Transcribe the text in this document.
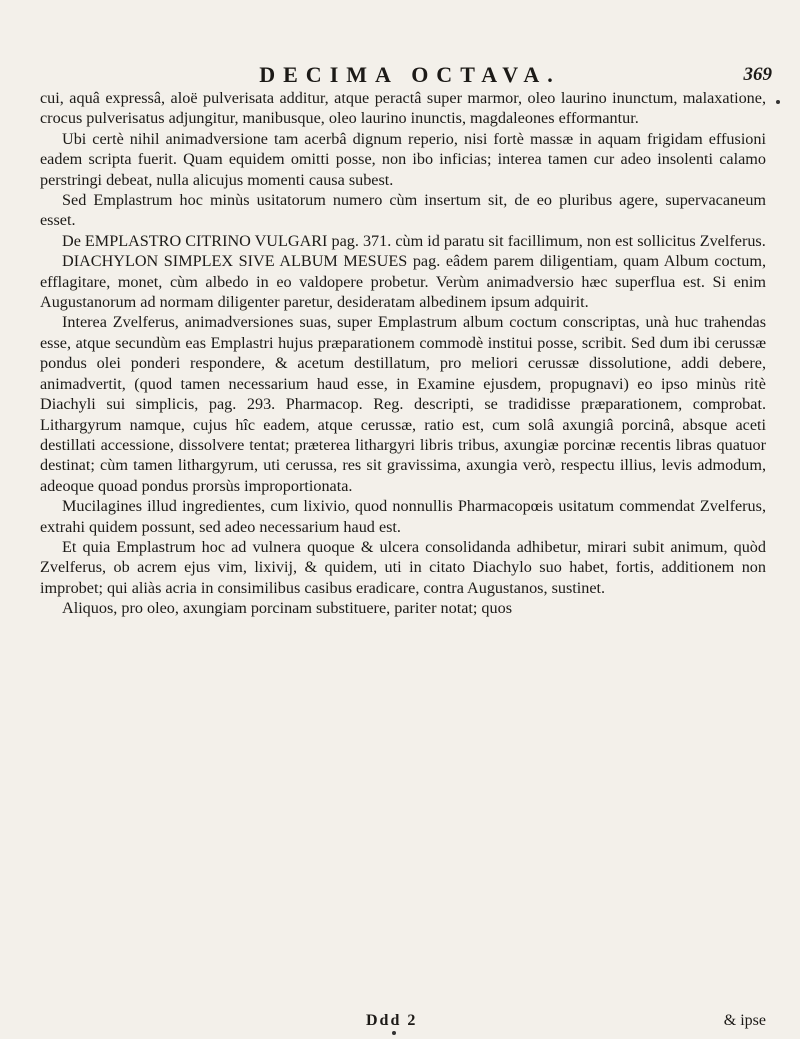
DECIMA OCTAVA.	369

cui, aquâ expressâ, aloë pulverisata additur, atque peractâ super marmor, oleo laurino inunctum, malaxatione, crocus pulverisatus adjungitur, manibusque, oleo laurino inunctis, magdaleones efformantur.

Ubi certè nihil animadversione tam acerbâ dignum reperio, nisi fortè massæ in aquam frigidam effusioni eadem scripta fuerit. Quam equidem omitti posse, non ibo inficias; interea tamen cur adeo insolenti calamo perstringi debeat, nulla alicujus momenti causa subest.

Sed Emplastrum hoc minùs usitatorum numero cùm insertum sit, de eo pluribus agere, supervacaneum esset.

De EMPLASTRO CITRINO VULGARI pag. 371. cùm id paratu sit facillimum, non est sollicitus Zvelferus.

DIACHYLON SIMPLEX SIVE ALBUM MESUES pag. eâdem parem diligentiam, quam Album coctum, efflagitare, monet, cùm albedo in eo valdopere probetur. Verùm animadversio hæc superflua est. Si enim Augustanorum ad normam diligenter paretur, desideratam albedinem ipsum adquirit.

Interea Zvelferus, animadversiones suas, super Emplastrum album coctum conscriptas, unà huc trahendas esse, atque secundùm eas Emplastri hujus præparationem commodè institui posse, scribit. Sed dum ibi cerussæ pondus olei ponderi respondere, & acetum destillatum, pro meliori cerussæ dissolutione, addi debere, animadvertit, (quod tamen necessarium haud esse, in Examine ejusdem, propugnavi) eo ipso minùs ritè Diachyli sui simplicis, pag. 293. Pharmacop. Reg. descripti, se tradidisse præparationem, comprobat. Lithargyrum namque, cujus hîc eadem, atque cerussæ, ratio est, cum solâ axungiâ porcinâ, absque aceti destillati accessione, dissolvere tentat; præterea lithargyri libris tribus, axungiæ porcinæ recentis libras quatuor destinat; cùm tamen lithargyrum, uti cerussa, res sit gravissima, axungia verò, respectu illius, levis admodum, adeoque quoad pondus prorsùs improportionata.

Mucilagines illud ingredientes, cum lixivio, quod nonnullis Pharmacopœis usitatum commendat Zvelferus, extrahi quidem possunt, sed adeo necessarium haud est.

Et quia Emplastrum hoc ad vulnera quoque & ulcera consolidanda adhibetur, mirari subit animum, quòd Zvelferus, ob acrem ejus vim, lixivij, & quidem, uti in citato Diachylo suo habet, fortis, additionem non improbet; qui aliàs acria in consimilibus casibus eradicare, contra Augustanos, sustinet.

Aliquos, pro oleo, axungiam porcinam substituere, pariter notat; quos

Ddd 2	& ipse
